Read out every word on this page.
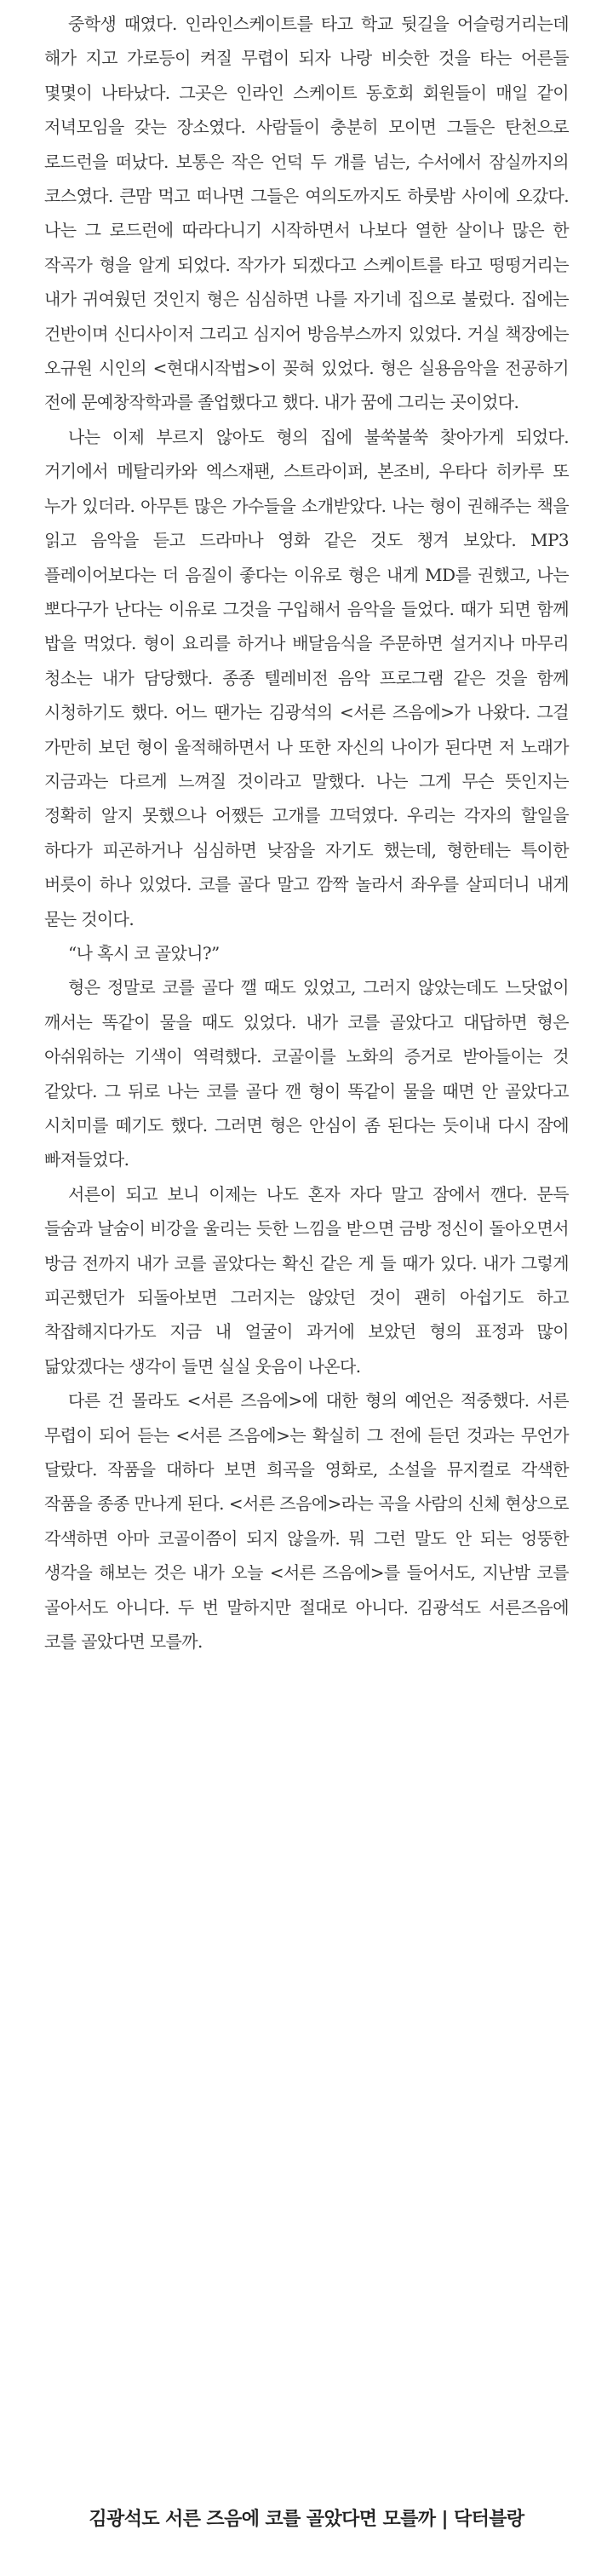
중학생 때였다. 인라인스케이트를 타고 학교 뒷길을 어슬렁거리는데 해가 지고 가로등이 켜질 무렵이 되자 나랑 비슷한 것을 타는 어른들 몇몇이 나타났다. 그곳은 인라인 스케이트 동호회 회원들이 매일 같이 저녁모임을 갖는 장소였다. 사람들이 충분히 모이면 그들은 탄천으로 로드런을 떠났다. 보통은 작은 언덕 두 개를 넘는, 수서에서 잠실까지의 코스였다. 큰맘 먹고 떠나면 그들은 여의도까지도 하룻밤 사이에 오갔다. 나는 그 로드런에 따라다니기 시작하면서 나보다 열한 살이나 많은 한 작곡가 형을 알게 되었다. 작가가 되겠다고 스케이트를 타고 떵떵거리는 내가 귀여웠던 것인지 형은 심심하면 나를 자기네 집으로 불렀다. 집에는 건반이며 신디사이저 그리고 심지어 방음부스까지 있었다. 거실 책장에는 오규원 시인의 <현대시작법>이 꽂혀 있었다. 형은 실용음악을 전공하기 전에 문예창작학과를 졸업했다고 했다. 내가 꿈에 그리는 곳이었다.

나는 이제 부르지 않아도 형의 집에 불쑥불쑥 찾아가게 되었다. 거기에서 메탈리카와 엑스재팬, 스트라이퍼, 본조비, 우타다 히카루 또 누가 있더라. 아무튼 많은 가수들을 소개받았다. 나는 형이 권해주는 책을 읽고 음악을 듣고 드라마나 영화 같은 것도 챙겨 보았다. MP3 플레이어보다는 더 음질이 좋다는 이유로 형은 내게 MD를 권했고, 나는 뽀다구가 난다는 이유로 그것을 구입해서 음악을 들었다. 때가 되면 함께 밥을 먹었다. 형이 요리를 하거나 배달음식을 주문하면 설거지나 마무리 청소는 내가 담당했다. 종종 텔레비전 음악 프로그램 같은 것을 함께 시청하기도 했다. 어느 땐가는 김광석의 <서른 즈음에>가 나왔다. 그걸 가만히 보던 형이 울적해하면서 나 또한 자신의 나이가 된다면 저 노래가 지금과는 다르게 느껴질 것이라고 말했다. 나는 그게 무슨 뜻인지는 정확히 알지 못했으나 어쨌든 고개를 끄덕였다. 우리는 각자의 할일을 하다가 피곤하거나 심심하면 낮잠을 자기도 했는데, 형한테는 특이한 버릇이 하나 있었다. 코를 골다 말고 깜짝 놀라서 좌우를 살피더니 내게 묻는 것이다.

“나 혹시 코 골았니?”

형은 정말로 코를 골다 깰 때도 있었고, 그러지 않았는데도 느닷없이 깨서는 똑같이 물을 때도 있었다. 내가 코를 골았다고 대답하면 형은 아쉬워하는 기색이 역력했다. 코골이를 노화의 증거로 받아들이는 것 같았다. 그 뒤로 나는 코를 골다 깬 형이 똑같이 물을 때면 안 골았다고 시치미를 떼기도 했다. 그러면 형은 안심이 좀 된다는 듯이내 다시 잠에 빠져들었다.

서른이 되고 보니 이제는 나도 혼자 자다 말고 잠에서 깬다. 문득 들숨과 날숨이 비강을 울리는 듯한 느낌을 받으면 금방 정신이 돌아오면서 방금 전까지 내가 코를 골았다는 확신 같은 게 들 때가 있다. 내가 그렇게 피곤했던가 되돌아보면 그러지는 않았던 것이 괜히 아쉽기도 하고 착잡해지다가도 지금 내 얼굴이 과거에 보았던 형의 표정과 많이 닮았겠다는 생각이 들면 실실 웃음이 나온다.

다른 건 몰라도 <서른 즈음에>에 대한 형의 예언은 적중했다. 서른 무렵이 되어 듣는 <서른 즈음에>는 확실히 그 전에 듣던 것과는 무언가 달랐다. 작품을 대하다 보면 희곡을 영화로, 소설을 뮤지컬로 각색한 작품을 종종 만나게 된다. <서른 즈음에>라는 곡을 사람의 신체 현상으로 각색하면 아마 코골이쯤이 되지 않을까. 뭐 그런 말도 안 되는 엉뚱한 생각을 해보는 것은 내가 오늘 <서른 즈음에>를 들어서도, 지난밤 코를 골아서도 아니다. 두 번 말하지만 절대로 아니다. 김광석도 서른즈음에 코를 골았다면 모를까.

김광석도 서른 즈음에 코를 골았다면 모를까 | 닥터블랑
